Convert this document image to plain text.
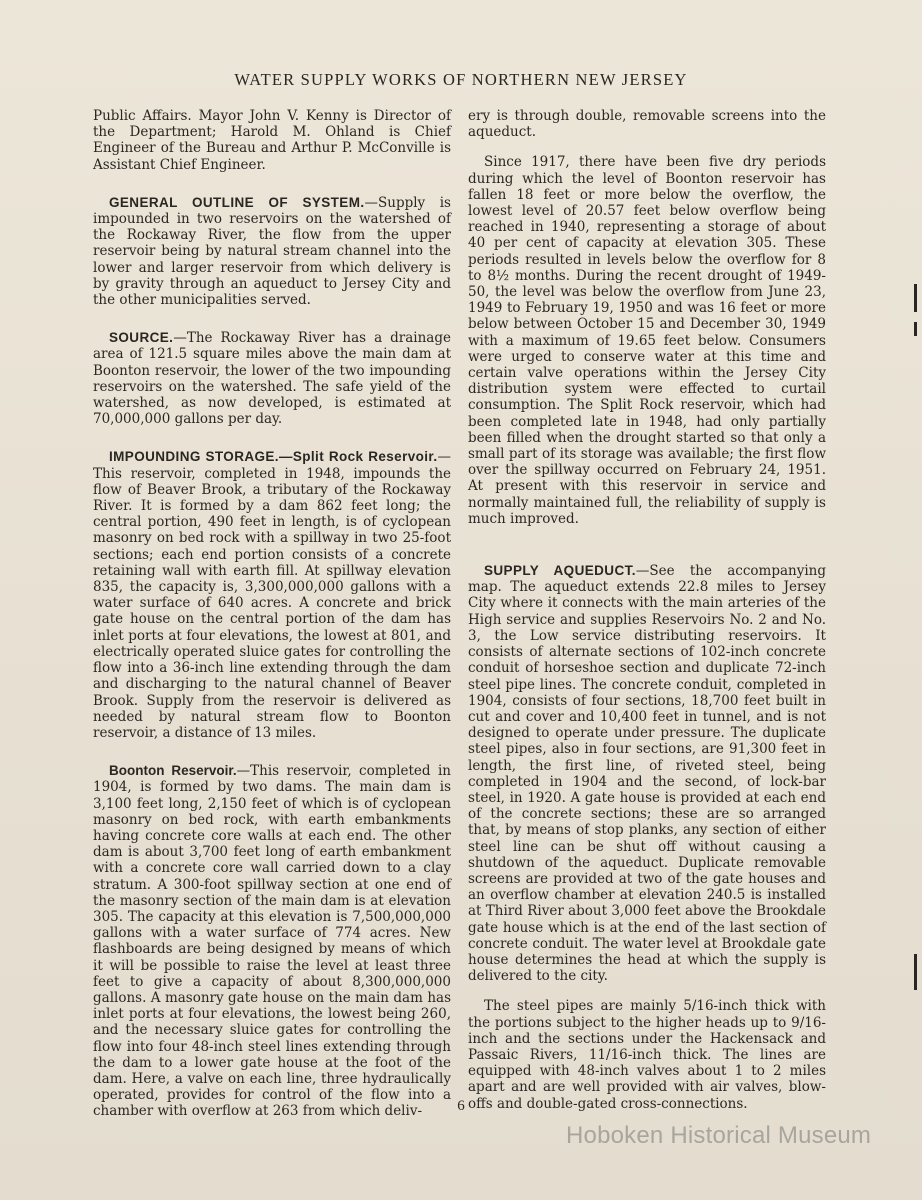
WATER SUPPLY WORKS OF NORTHERN NEW JERSEY

Public Affairs. Mayor John V. Kenny is Director of the Department; Harold M. Ohland is Chief Engineer of the Bureau and Arthur P. McConville is Assistant Chief Engineer.

GENERAL OUTLINE OF SYSTEM.—Supply is impounded in two reservoirs on the watershed of the Rockaway River, the flow from the upper reservoir being by natural stream channel into the lower and larger reservoir from which delivery is by gravity through an aqueduct to Jersey City and the other municipalities served.

SOURCE.—The Rockaway River has a drainage area of 121.5 square miles above the main dam at Boonton reservoir, the lower of the two impounding reservoirs on the watershed. The safe yield of the watershed, as now developed, is estimated at 70,000,000 gallons per day.

IMPOUNDING STORAGE.—Split Rock Reservoir.—This reservoir, completed in 1948, impounds the flow of Beaver Brook, a tributary of the Rockaway River. It is formed by a dam 862 feet long; the central portion, 490 feet in length, is of cyclopean masonry on bed rock with a spillway in two 25-foot sections; each end portion consists of a concrete retaining wall with earth fill. At spillway elevation 835, the capacity is, 3,300,000,000 gallons with a water surface of 640 acres. A concrete and brick gate house on the central portion of the dam has inlet ports at four elevations, the lowest at 801, and electrically operated sluice gates for controlling the flow into a 36-inch line extending through the dam and discharging to the natural channel of Beaver Brook. Supply from the reservoir is delivered as needed by natural stream flow to Boonton reservoir, a distance of 13 miles.

Boonton Reservoir.—This reservoir, completed in 1904, is formed by two dams. The main dam is 3,100 feet long, 2,150 feet of which is of cyclopean masonry on bed rock, with earth embankments having concrete core walls at each end. The other dam is about 3,700 feet long of earth embankment with a concrete core wall carried down to a clay stratum. A 300-foot spillway section at one end of the masonry section of the main dam is at elevation 305. The capacity at this elevation is 7,500,000,000 gallons with a water surface of 774 acres. New flashboards are being designed by means of which it will be possible to raise the level at least three feet to give a capacity of about 8,300,000,000 gallons. A masonry gate house on the main dam has inlet ports at four elevations, the lowest being 260, and the necessary sluice gates for controlling the flow into four 48-inch steel lines extending through the dam to a lower gate house at the foot of the dam. Here, a valve on each line, three hydraulically operated, provides for control of the flow into a chamber with overflow at 263 from which deliv-

ery is through double, removable screens into the aqueduct.

Since 1917, there have been five dry periods during which the level of Boonton reservoir has fallen 18 feet or more below the overflow, the lowest level of 20.57 feet below overflow being reached in 1940, representing a storage of about 40 per cent of capacity at elevation 305. These periods resulted in levels below the overflow for 8 to 8½ months. During the recent drought of 1949-50, the level was below the overflow from June 23, 1949 to February 19, 1950 and was 16 feet or more below between October 15 and December 30, 1949 with a maximum of 19.65 feet below. Consumers were urged to conserve water at this time and certain valve operations within the Jersey City distribution system were effected to curtail consumption. The Split Rock reservoir, which had been completed late in 1948, had only partially been filled when the drought started so that only a small part of its storage was available; the first flow over the spillway occurred on February 24, 1951. At present with this reservoir in service and normally maintained full, the reliability of supply is much improved.

SUPPLY AQUEDUCT.—See the accompanying map. The aqueduct extends 22.8 miles to Jersey City where it connects with the main arteries of the High service and supplies Reservoirs No. 2 and No. 3, the Low service distributing reservoirs. It consists of alternate sections of 102-inch concrete conduit of horseshoe section and duplicate 72-inch steel pipe lines. The concrete conduit, completed in 1904, consists of four sections, 18,700 feet built in cut and cover and 10,400 feet in tunnel, and is not designed to operate under pressure. The duplicate steel pipes, also in four sections, are 91,300 feet in length, the first line, of riveted steel, being completed in 1904 and the second, of lock-bar steel, in 1920. A gate house is provided at each end of the concrete sections; these are so arranged that, by means of stop planks, any section of either steel line can be shut off without causing a shutdown of the aqueduct. Duplicate removable screens are provided at two of the gate houses and an overflow chamber at elevation 240.5 is installed at Third River about 3,000 feet above the Brookdale gate house which is at the end of the last section of concrete conduit. The water level at Brookdale gate house determines the head at which the supply is delivered to the city.

The steel pipes are mainly 5/16-inch thick with the portions subject to the higher heads up to 9/16-inch and the sections under the Hackensack and Passaic Rivers, 11/16-inch thick. The lines are equipped with 48-inch valves about 1 to 2 miles apart and are well provided with air valves, blow-offs and double-gated cross-connections.

6
Hoboken Historical Museum
